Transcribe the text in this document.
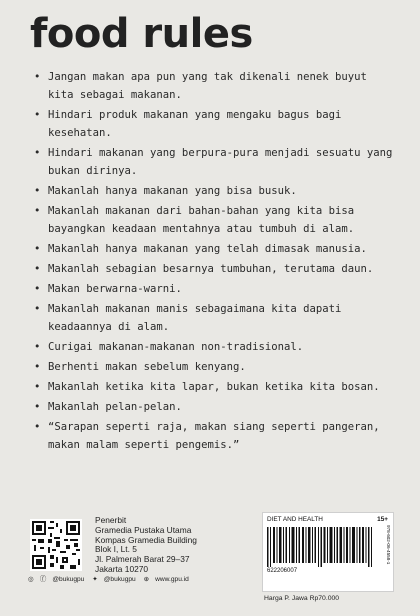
food rules
• Jangan makan apa pun yang tak dikenali nenek buyut kita sebagai makanan.
• Hindari produk makanan yang mengaku bagus bagi kesehatan.
• Hindari makanan yang berpura-pura menjadi sesuatu yang bukan dirinya.
• Makanlah hanya makanan yang bisa busuk.
• Makanlah makanan dari bahan-bahan yang kita bisa bayangkan keadaan mentahnya atau tumbuh di alam.
• Makanlah hanya makanan yang telah dimasak manusia.
• Makanlah sebagian besarnya tumbuhan, terutama daun.
• Makan berwarna-warni.
• Makanlah makanan manis sebagaimana kita dapati keadaannya di alam.
• Curigai makanan-makanan non-tradisional.
• Berhenti makan sebelum kenyang.
• Makanlah ketika kita lapar, bukan ketika kita bosan.
• Makanlah pelan-pelan.
• “Sarapan seperti raja, makan siang seperti pangeran, makan malam seperti pengemis.”
Penerbit
Gramedia Pustaka Utama
Kompas Gramedia Building
Blok I, Lt. 5
Jl. Palmerah Barat 29–37
Jakarta 10270
◎ ⓕ @bukugpu ✦ @bukugpu ⊕ www.gpu.id
DIET AND HEALTH	15+
622206007
978-602-06-4558-1
Harga P. Jawa Rp70.000
